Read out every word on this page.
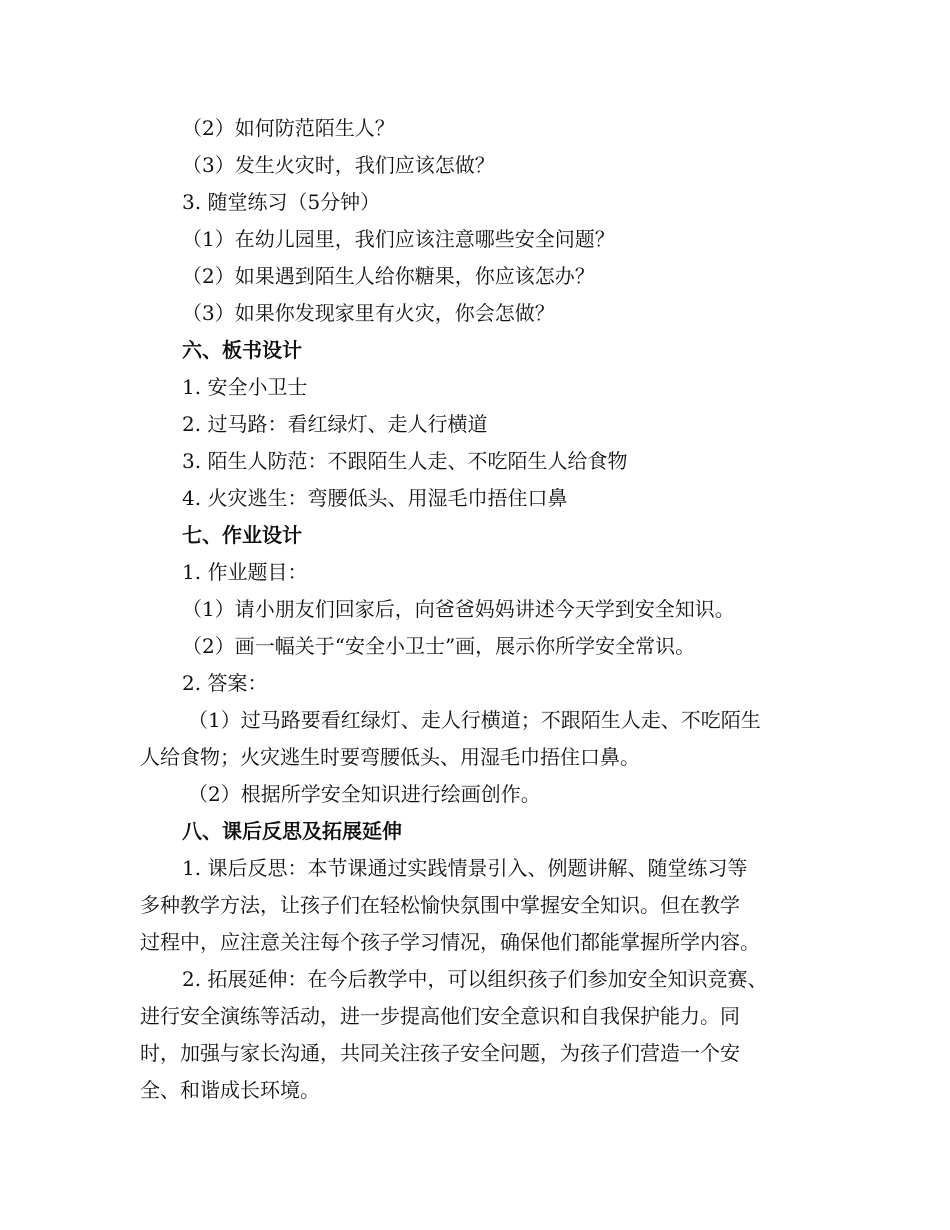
（2）如何防范陌生人？
（3）发生火灾时，我们应该怎做？
3. 随堂练习（5分钟）
（1）在幼儿园里，我们应该注意哪些安全问题？
（2）如果遇到陌生人给你糖果，你应该怎办？
（3）如果你发现家里有火灾，你会怎做？
六、板书设计
1. 安全小卫士
2. 过马路：看红绿灯、走人行横道
3. 陌生人防范：不跟陌生人走、不吃陌生人给食物
4. 火灾逃生：弯腰低头、用湿毛巾捂住口鼻
七、作业设计
1. 作业题目：
（1）请小朋友们回家后，向爸爸妈妈讲述今天学到安全知识。
（2）画一幅关于“安全小卫士”画，展示你所学安全常识。
2. 答案：
（1）过马路要看红绿灯、走人行横道；不跟陌生人走、不吃陌生
人给食物；火灾逃生时要弯腰低头、用湿毛巾捂住口鼻。
（2）根据所学安全知识进行绘画创作。
八、课后反思及拓展延伸
1. 课后反思：本节课通过实践情景引入、例题讲解、随堂练习等
多种教学方法，让孩子们在轻松愉快氛围中掌握安全知识。但在教学
过程中，应注意关注每个孩子学习情况，确保他们都能掌握所学内容。
2. 拓展延伸：在今后教学中，可以组织孩子们参加安全知识竞赛、
进行安全演练等活动，进一步提高他们安全意识和自我保护能力。同
时，加强与家长沟通，共同关注孩子安全问题，为孩子们营造一个安
全、和谐成长环境。
